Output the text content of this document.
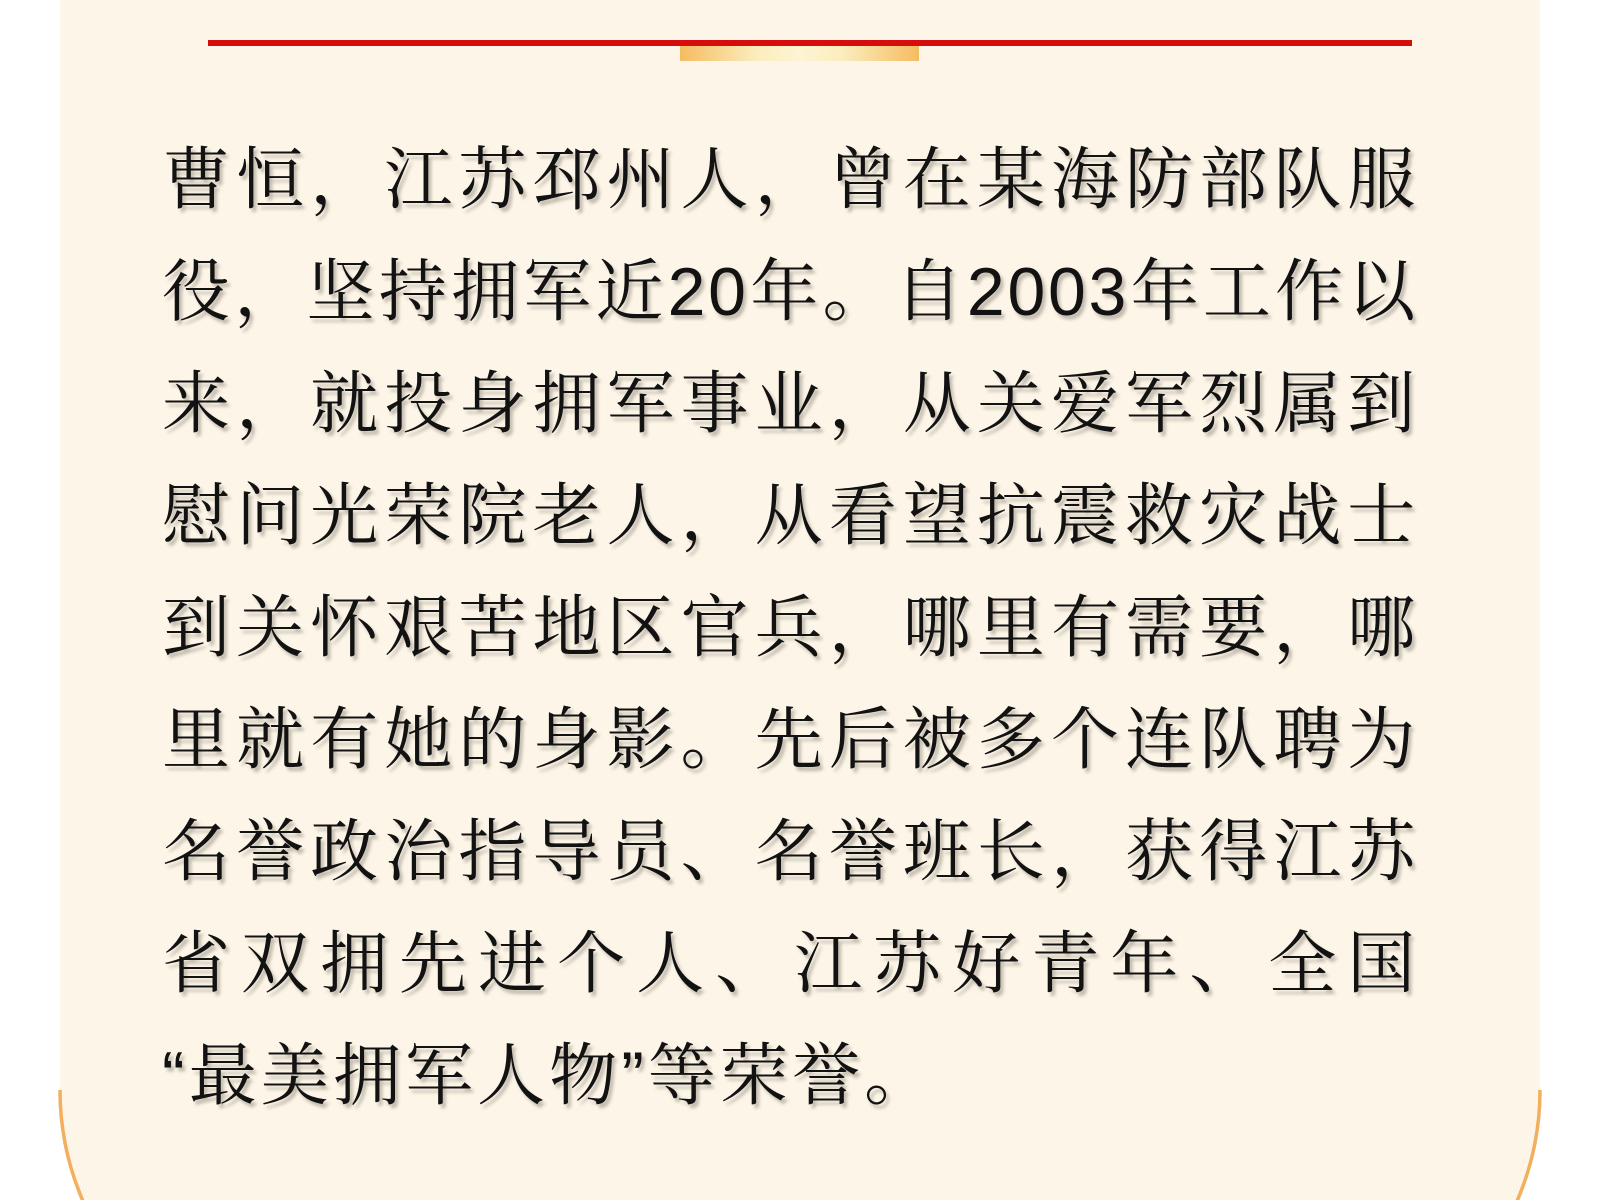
曹恒，江苏邳州人，曾在某海防部队服
役，坚持拥军近20年。自2003年工作以
来，就投身拥军事业，从关爱军烈属到
慰问光荣院老人，从看望抗震救灾战士
到关怀艰苦地区官兵，哪里有需要，哪
里就有她的身影。先后被多个连队聘为
名誉政治指导员、名誉班长，获得江苏
省双拥先进个人、江苏好青年、全国
“最美拥军人物”等荣誉。
